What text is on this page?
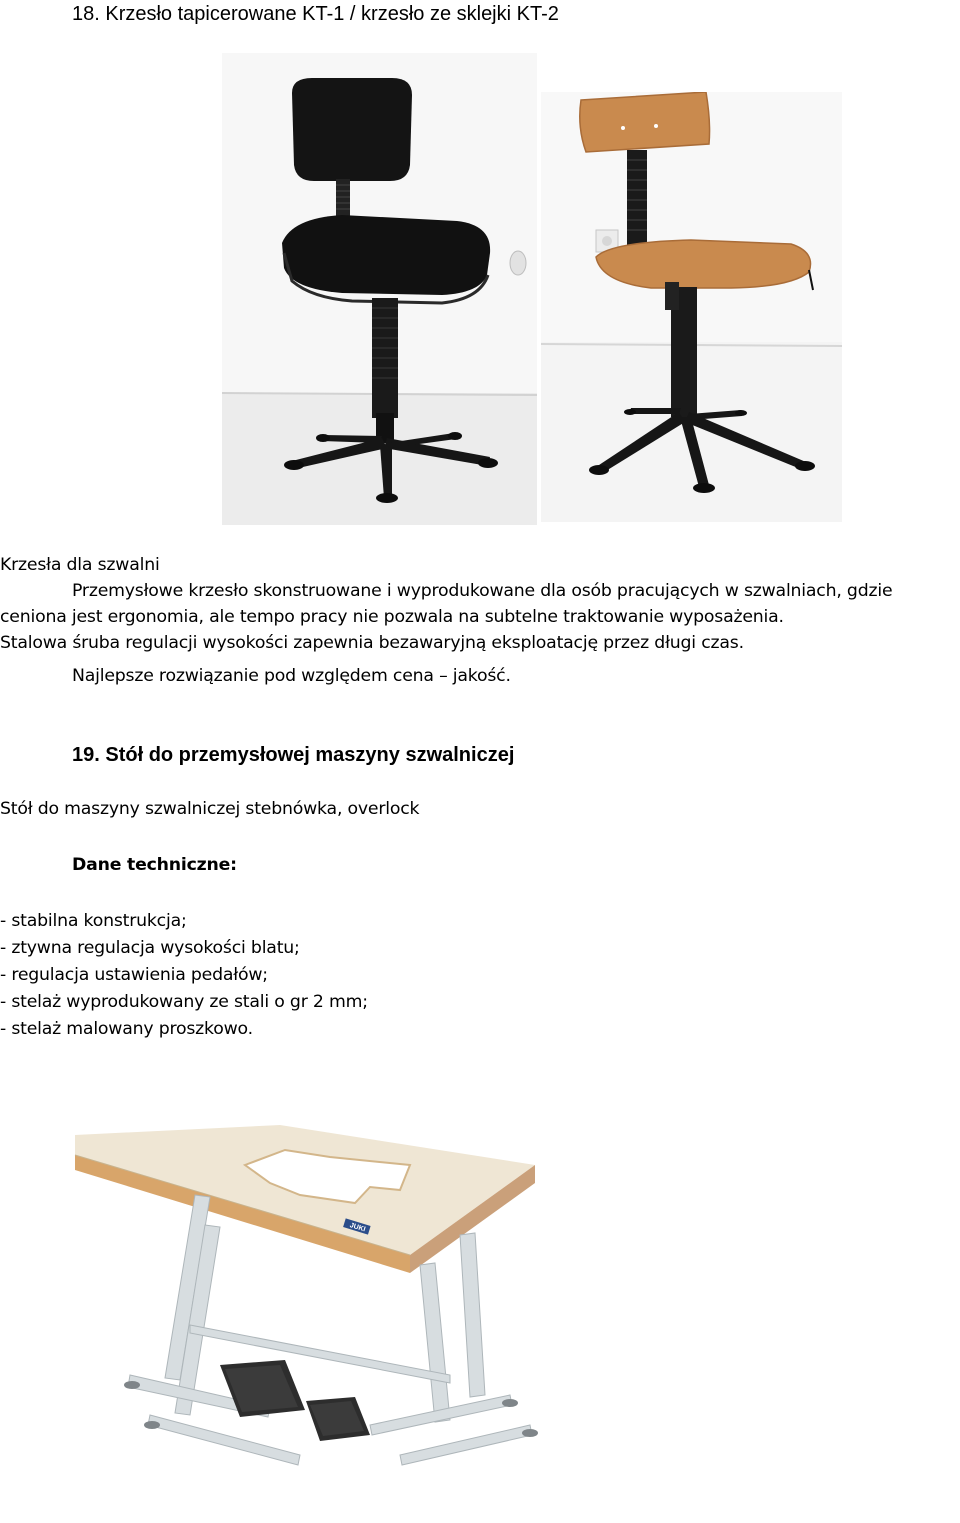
18. Krzesło tapicerowane KT-1 / krzesło ze sklejki KT-2
Krzesła dla szwalni
Przemysłowe krzesło skonstruowane i wyprodukowane dla osób pracujących w szwalniach, gdzie
ceniona jest ergonomia, ale tempo pracy nie pozwala na subtelne traktowanie wyposażenia.
Stalowa śruba regulacji wysokości zapewnia bezawaryjną eksploatację przez długi czas.
Najlepsze rozwiązanie pod względem cena – jakość.
19. Stół do przemysłowej maszyny szwalniczej
Stół do maszyny szwalniczej stebnówka, overlock
Dane techniczne:
- stabilna konstrukcja;
- ztywna regulacja wysokości blatu;
- regulacja ustawienia pedałów;
- stelaż wyprodukowany ze stali o gr 2 mm;
- stelaż malowany proszkowo.
JUKI
